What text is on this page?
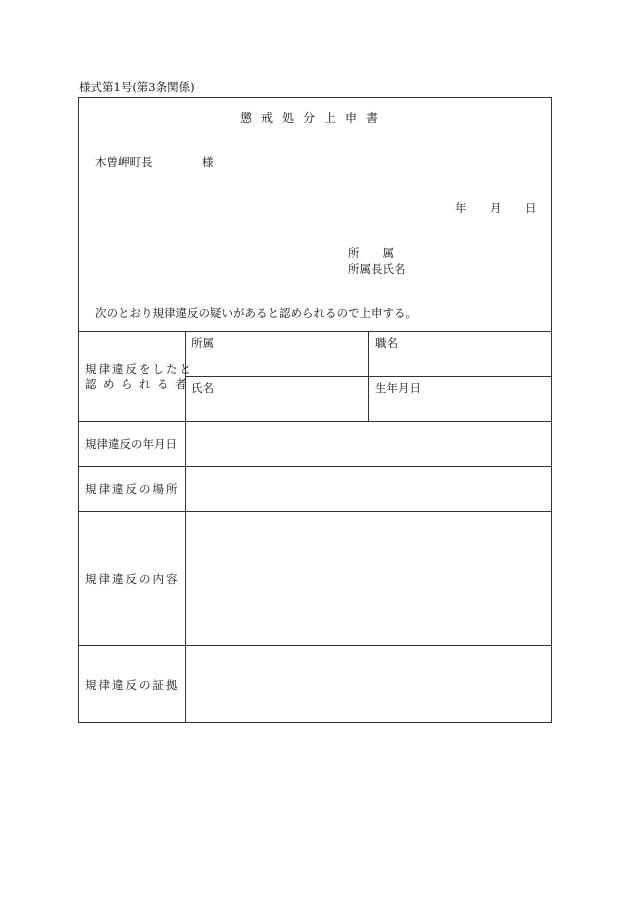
様式第1号(第3条関係)
懲戒処分上申書
木曽岬町長	様
年 月 日
所　　属
所属長氏名
次のとおり規律違反の疑いがあると認められるので上申する。
規律違反をしたと
認められる者
所属	職名
氏名	生年月日
規律違反の年月日
規律違反の場所
規律違反の内容
規律違反の証拠
